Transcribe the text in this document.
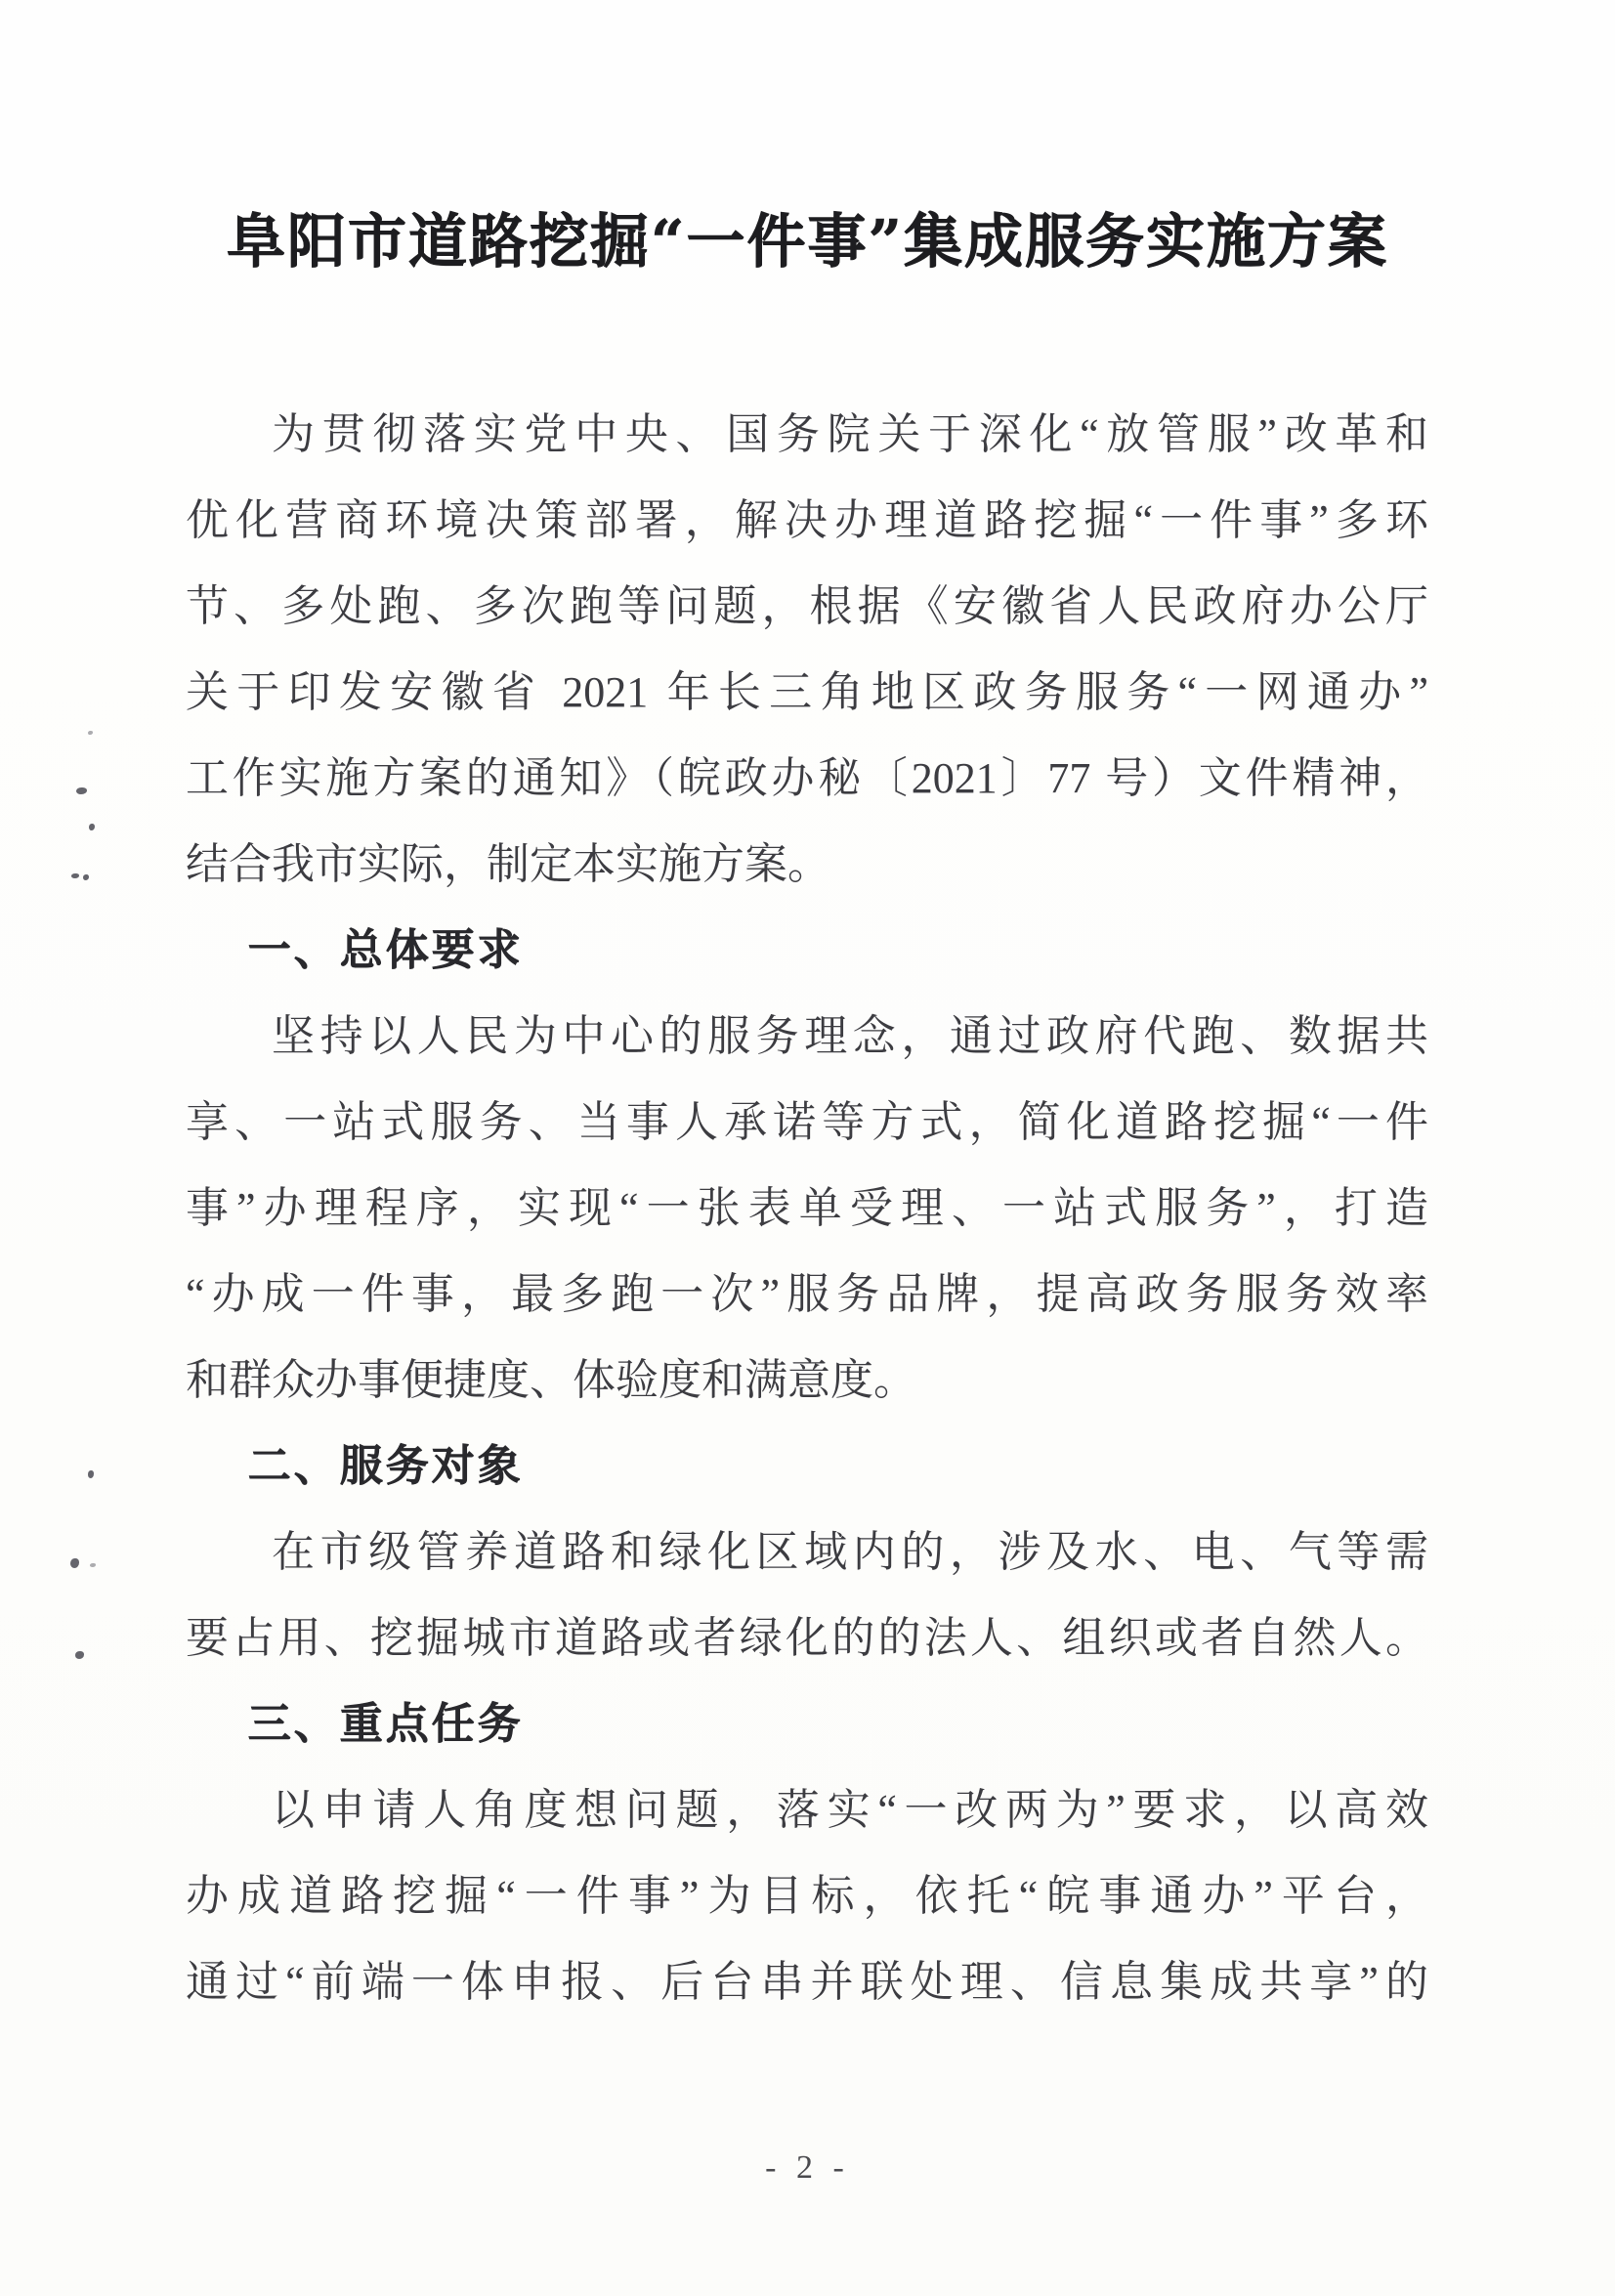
阜阳市道路挖掘“一件事”集成服务实施方案
为贯彻落实党中央、国务院关于深化“放管服”改革和
优化营商环境决策部署，解决办理道路挖掘“一件事”多环
节、多处跑、多次跑等问题，根据《安徽省人民政府办公厅
关于印发安徽省 2021 年长三角地区政务服务“一网通办”
工作实施方案的通知》（皖政办秘〔2021〕77 号）文件精神，
结合我市实际，制定本实施方案。
一、总体要求
坚持以人民为中心的服务理念，通过政府代跑、数据共
享、一站式服务、当事人承诺等方式，简化道路挖掘“一件
事”办理程序，实现“一张表单受理、一站式服务”，打造
“办成一件事，最多跑一次”服务品牌，提高政务服务效率
和群众办事便捷度、体验度和满意度。
二、服务对象
在市级管养道路和绿化区域内的，涉及水、电、气等需
要占用、挖掘城市道路或者绿化的的法人、组织或者自然人。
三、重点任务
以申请人角度想问题，落实“一改两为”要求，以高效
办成道路挖掘“一件事”为目标，依托“皖事通办”平台，
通过“前端一体申报、后台串并联处理、信息集成共享”的
- 2 -
